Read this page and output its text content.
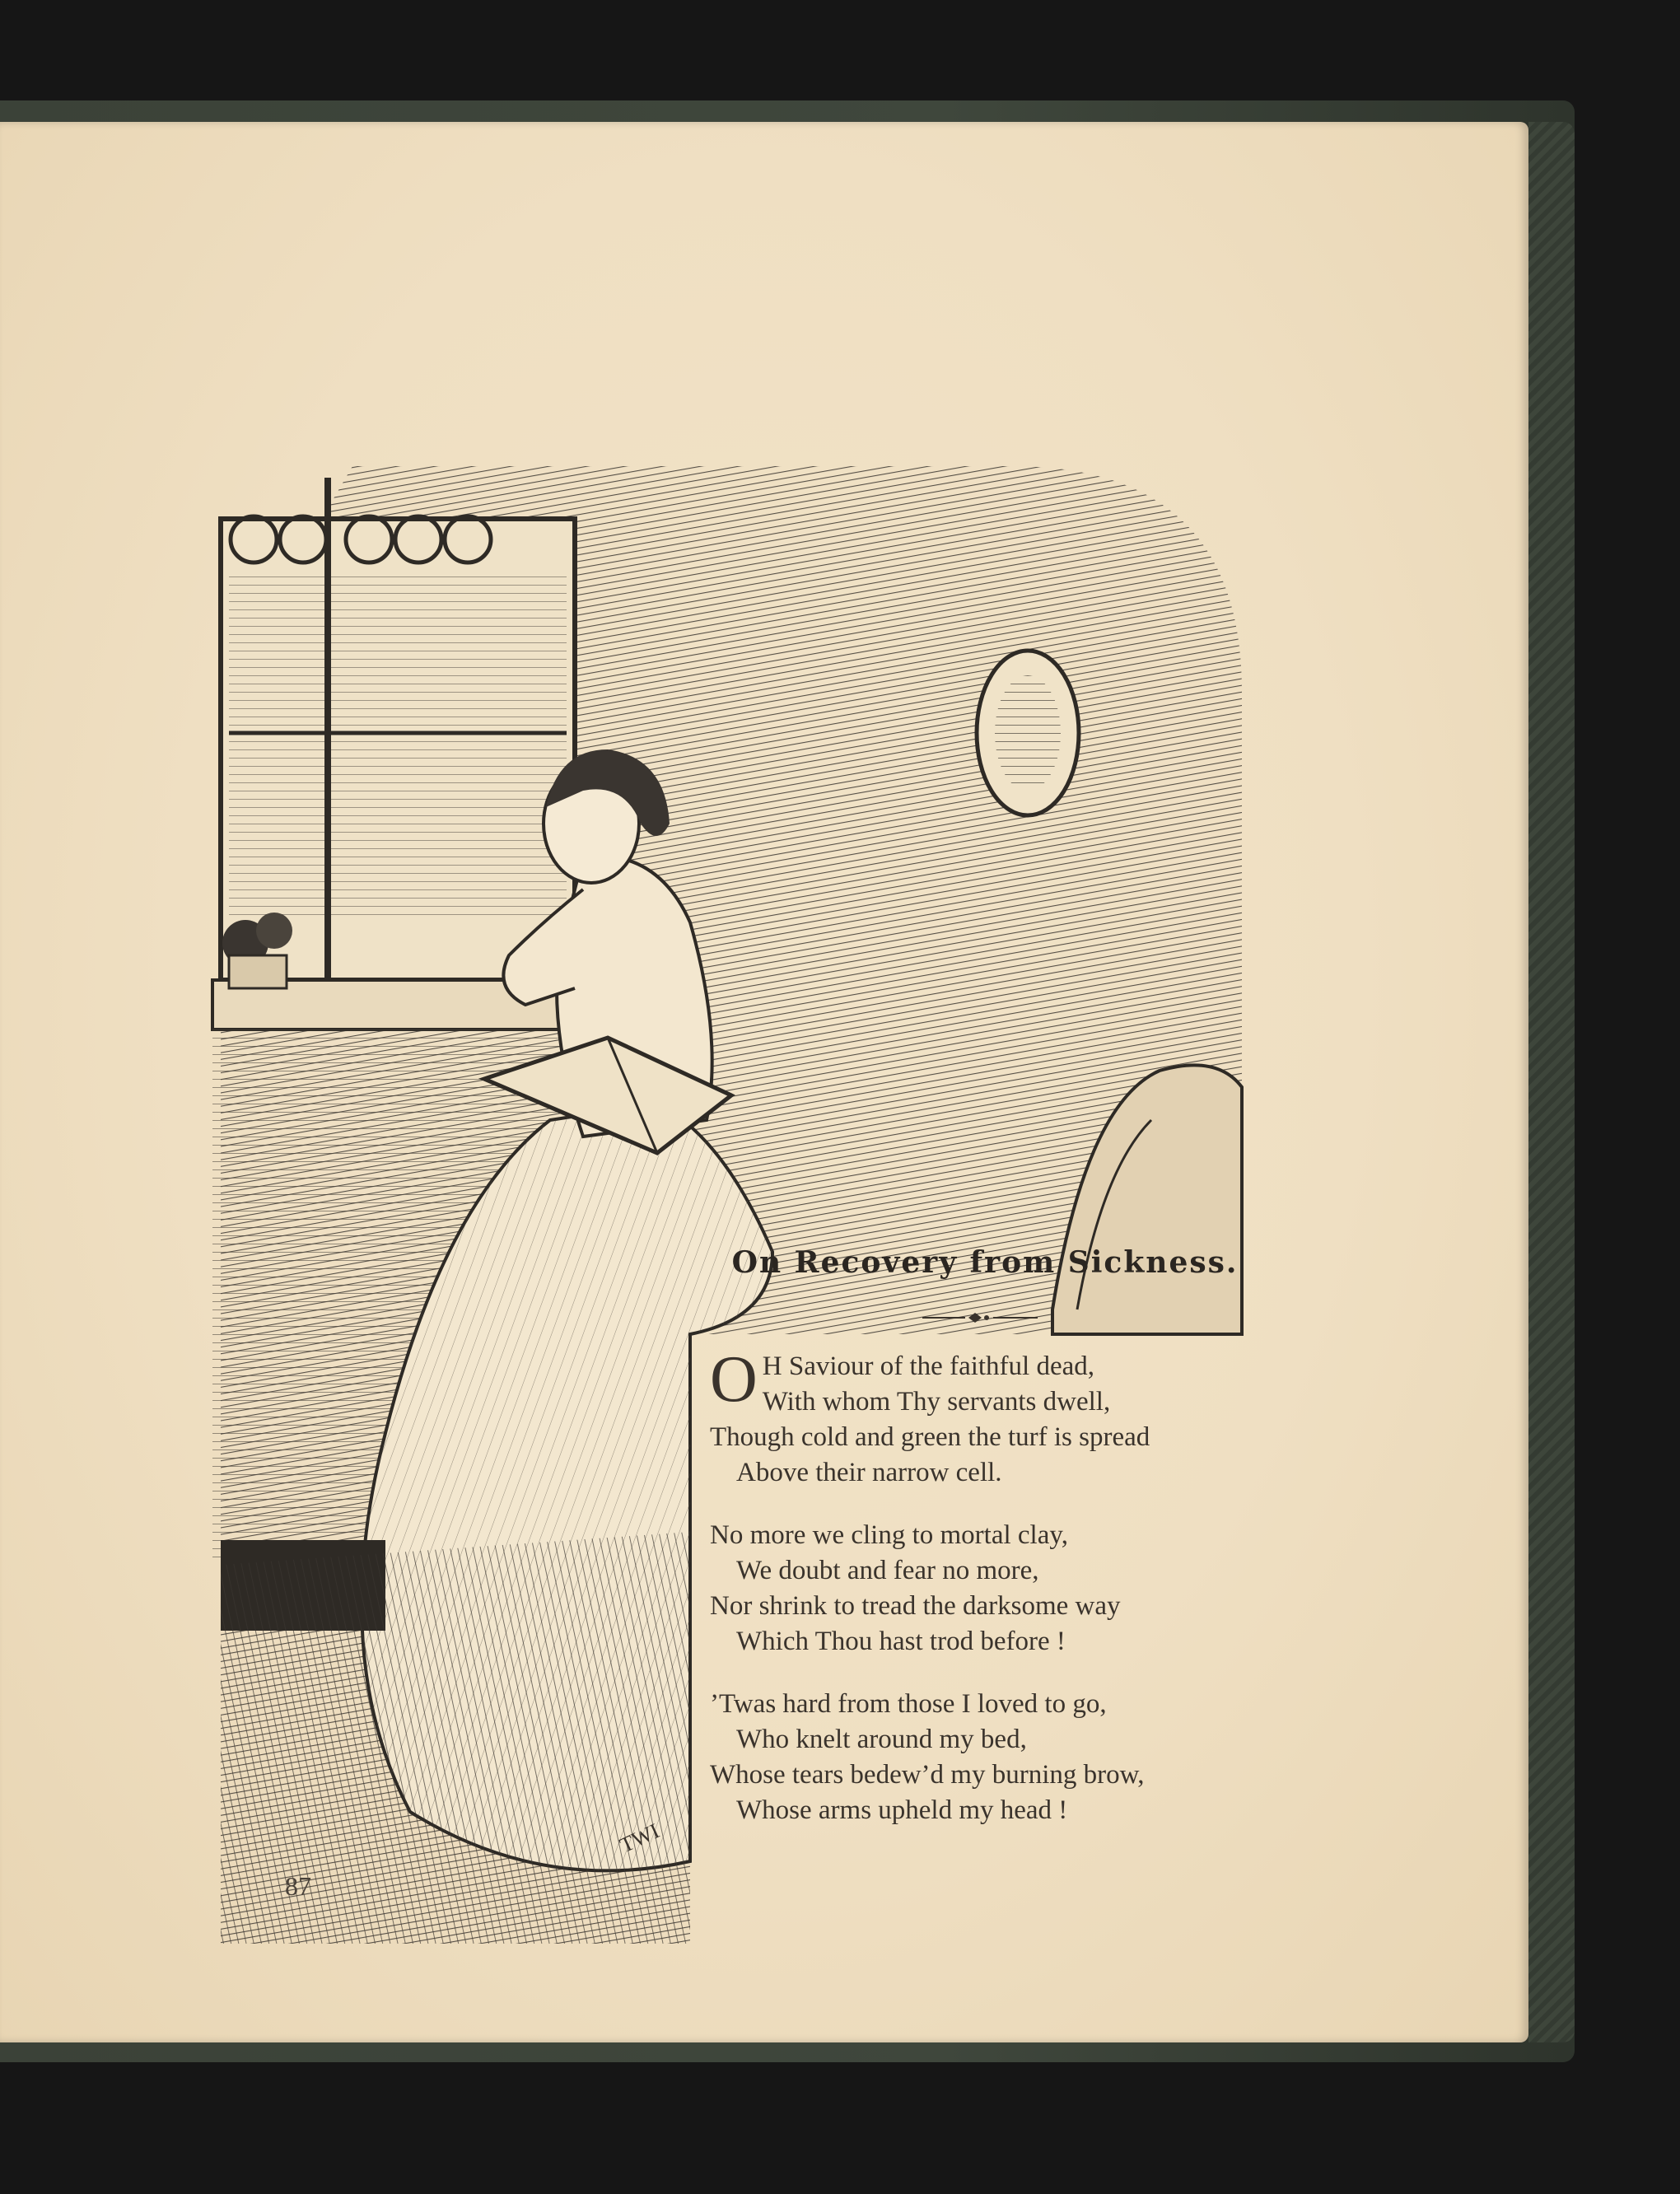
TWI
On Recovery from Sickness.
O H Saviour of the faithful dead,
With whom Thy servants dwell,
Though cold and green the turf is spread
Above their narrow cell.
No more we cling to mortal clay,
We doubt and fear no more,
Nor shrink to tread the darksome way
Which Thou hast trod before !
’Twas hard from those I loved to go,
Who knelt around my bed,
Whose tears bedew’d my burning brow,
Whose arms upheld my head !
87
